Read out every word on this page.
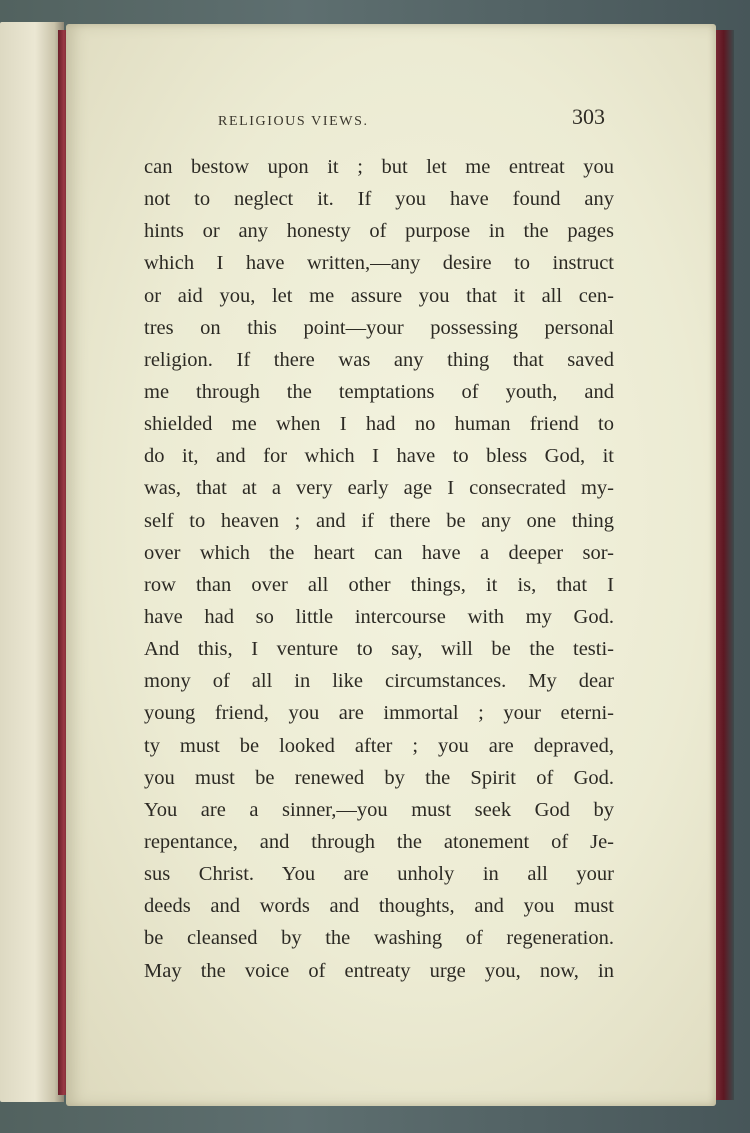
RELIGIOUS VIEWS.	303
can bestow upon it ; but let me entreat you
not to neglect it. If you have found any
hints or any honesty of purpose in the pages
which I have written,—any desire to instruct
or aid you, let me assure you that it all cen-
tres on this point—your possessing personal
religion. If there was any thing that saved
me through the temptations of youth, and
shielded me when I had no human friend to
do it, and for which I have to bless God, it
was, that at a very early age I consecrated my-
self to heaven ; and if there be any one thing
over which the heart can have a deeper sor-
row than over all other things, it is, that I
have had so little intercourse with my God.
And this, I venture to say, will be the testi-
mony of all in like circumstances. My dear
young friend, you are immortal ; your eterni-
ty must be looked after ; you are depraved,
you must be renewed by the Spirit of God.
You are a sinner,—you must seek God by
repentance, and through the atonement of Je-
sus Christ. You are unholy in all your
deeds and words and thoughts, and you must
be cleansed by the washing of regeneration.
May the voice of entreaty urge you, now, in
